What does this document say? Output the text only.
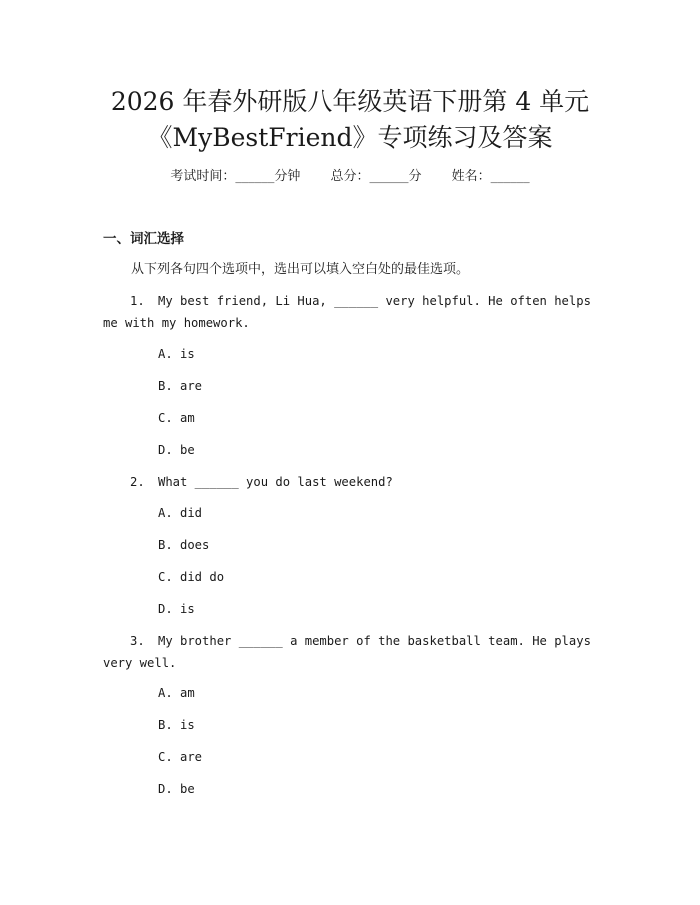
2026 年春外研版八年级英语下册第 4 单元
《MyBestFriend》专项练习及答案
考试时间：______分钟 总分：______分 姓名：______
一、词汇选择
从下列各句四个选项中，选出可以填入空白处的最佳选项。
1. My best friend, Li Hua, ______ very helpful. He often helps me with my homework.
A. is
B. are
C. am
D. be
2. What ______ you do last weekend?
A. did
B. does
C. did do
D. is
3. My brother ______ a member of the basketball team. He plays very well.
A. am
B. is
C. are
D. be
